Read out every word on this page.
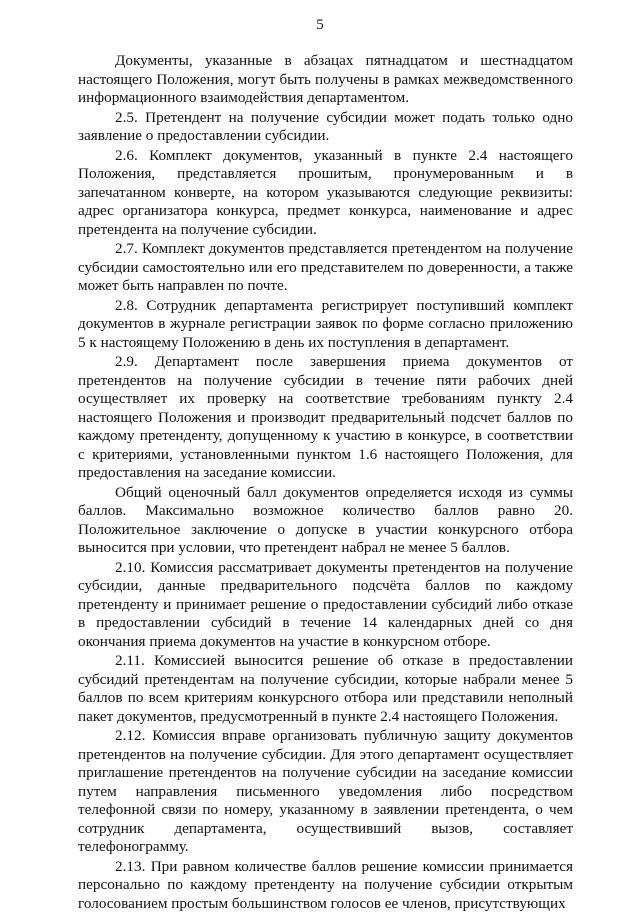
5

Документы, указанные в абзацах пятнадцатом и шестнадцатом настоящего Положения, могут быть получены в рамках межведомственного информационного взаимодействия департаментом.

2.5. Претендент на получение субсидии может подать только одно заявление о предоставлении субсидии.

2.6. Комплект документов, указанный в пункте 2.4 настоящего Положения, представляется прошитым, пронумерованным и в запечатанном конверте, на котором указываются следующие реквизиты: адрес организатора конкурса, предмет конкурса, наименование и адрес претендента на получение субсидии.

2.7. Комплект документов представляется претендентом на получение субсидии самостоятельно или его представителем по доверенности, а также может быть направлен по почте.

2.8. Сотрудник департамента регистрирует поступивший комплект документов в журнале регистрации заявок по форме согласно приложению 5 к настоящему Положению в день их поступления в департамент.

2.9. Департамент после завершения приема документов от претендентов на получение субсидии в течение пяти рабочих дней осуществляет их проверку на соответствие требованиям пункту 2.4 настоящего Положения и производит предварительный подсчет баллов по каждому претенденту, допущенному к участию в конкурсе, в соответствии с критериями, установленными пунктом 1.6 настоящего Положения, для предоставления на заседание комиссии.

Общий оценочный балл документов определяется исходя из суммы баллов. Максимально возможное количество баллов равно 20. Положительное заключение о допуске в участии конкурсного отбора выносится при условии, что претендент набрал не менее 5 баллов.

2.10. Комиссия рассматривает документы претендентов на получение субсидии, данные предварительного подсчёта баллов по каждому претенденту и принимает решение о предоставлении субсидий либо отказе в предоставлении субсидий в течение 14 календарных дней со дня окончания приема документов на участие в конкурсном отборе.

2.11. Комиссией выносится решение об отказе в предоставлении субсидий претендентам на получение субсидии, которые набрали менее 5 баллов по всем критериям конкурсного отбора или представили неполный пакет документов, предусмотренный в пункте 2.4 настоящего Положения.

2.12. Комиссия вправе организовать публичную защиту документов претендентов на получение субсидии. Для этого департамент осуществляет приглашение претендентов на получение субсидии на заседание комиссии путем направления письменного уведомления либо посредством телефонной связи по номеру, указанному в заявлении претендента, о чем сотрудник департамента, осуществивший вызов, составляет телефонограмму.

2.13. При равном количестве баллов решение комиссии принимается персонально по каждому претенденту на получение субсидии открытым голосованием простым большинством голосов ее членов, присутствующих
